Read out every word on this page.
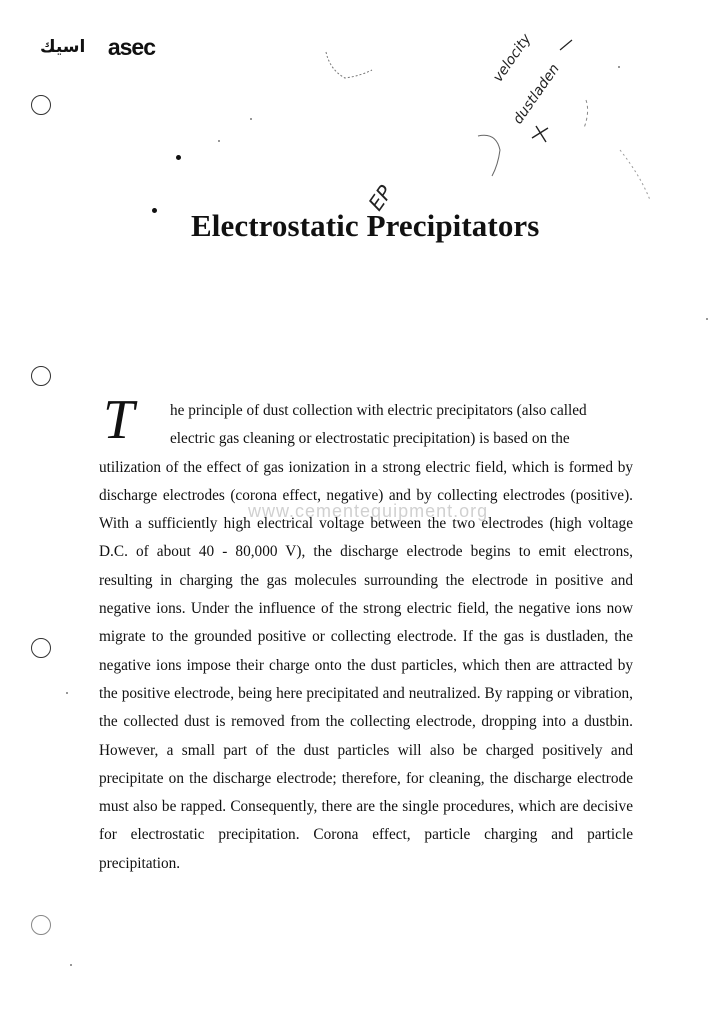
اسيك asec	velocity
dustladen
Electrostatic Precipitators
EP
T	he principle of dust collection with electric precipitators (also called
electric gas cleaning or electrostatic precipitation) is based on the
utilization of the effect of gas ionization in a strong electric field, which is formed by discharge electrodes (corona effect, negative) and by collecting electrodes (positive). With a sufficiently high electrical voltage between the two electrodes (high voltage D.C. of about 40 - 80,000 V), the discharge electrode begins to emit electrons, resulting in charging the gas molecules surrounding the electrode in positive and negative ions. Under the influence of the strong electric field, the negative ions now migrate to the grounded positive or collecting electrode. If the gas is dustladen, the negative ions impose their charge onto the dust particles, which then are attracted by the positive electrode, being here precipitated and neutralized. By rapping or vibration, the collected dust is removed from the collecting electrode, dropping into a dustbin. However, a small part of the dust particles will also be charged positively and precipitate on the discharge electrode; therefore, for cleaning, the discharge electrode must also be rapped. Consequently, there are the single procedures, which are decisive for electrostatic precipitation. Corona effect, particle charging and particle precipitation.

www.cementequipment.org
